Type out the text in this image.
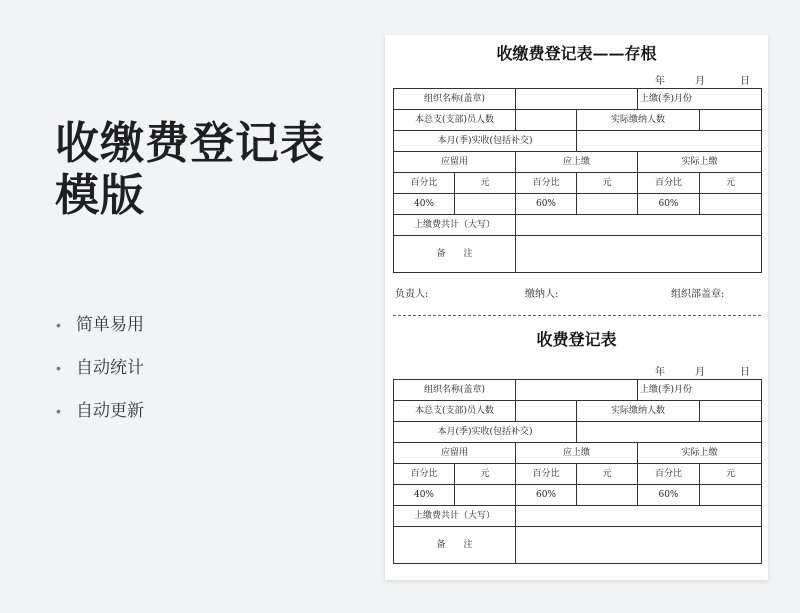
收缴费登记表模版
• 简单易用
• 自动统计
• 自动更新
收缴费登记表——存根
年	月	日
组织名称(盖章)				上缴(季)月份	
本总支(支部)员人数			实际缴纳人数		
本月(季)实收(包括补交)					
应留用		应上缴		实际上缴	
百分比	元	百分比	元	百分比	元
40%		60%		60%	
上缴费共计（大写）					
备　　注					
负责人:	缴纳人:	组织部盖章:
收费登记表
年	月	日
组织名称(盖章)				上缴(季)月份	
本总支(支部)员人数			实际缴纳人数		
本月(季)实收(包括补交)					
应留用		应上缴		实际上缴	
百分比	元	百分比	元	百分比	元
40%		60%		60%	
上缴费共计（大写）					
备　　注					
